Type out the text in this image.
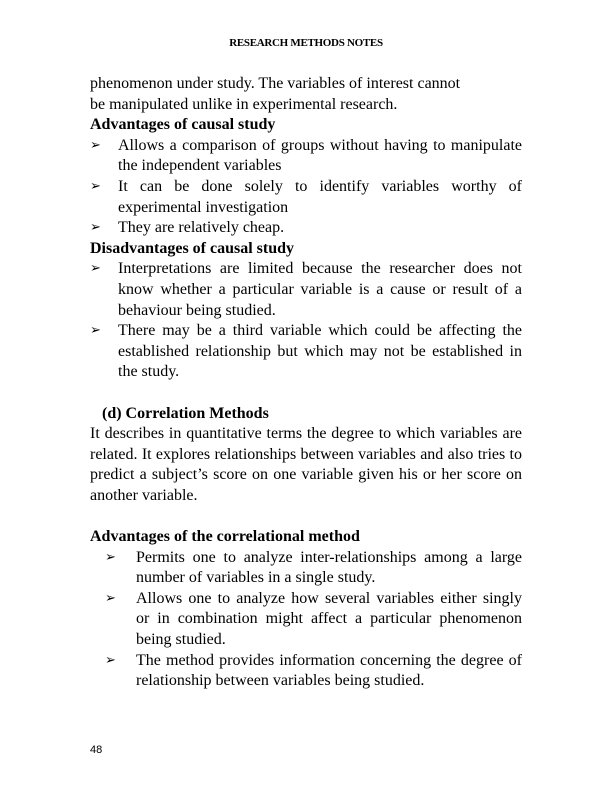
RESEARCH METHODS NOTES

phenomenon under study. The variables of interest cannot

be manipulated unlike in experimental research.

Advantages of causal study

➢ Allows a comparison of groups without having to manipulate the independent variables
➢ It can be done solely to identify variables worthy of experimental investigation
➢ They are relatively cheap.

Disadvantages of causal study

➢ Interpretations are limited because the researcher does not know whether a particular variable is a cause or result of a behaviour being studied.
➢ There may be a third variable which could be affecting the established relationship but which may not be established in the study.

(d) Correlation Methods

It describes in quantitative terms the degree to which variables are related. It explores relationships between variables and also tries to predict a subject’s score on one variable given his or her score on another variable.

Advantages of the correlational method

➢ Permits one to analyze inter-relationships among a large number of variables in a single study.
➢ Allows one to analyze how several variables either singly or in combination might affect a particular phenomenon being studied.
➢ The method provides information concerning the degree of relationship between variables being studied.
48
